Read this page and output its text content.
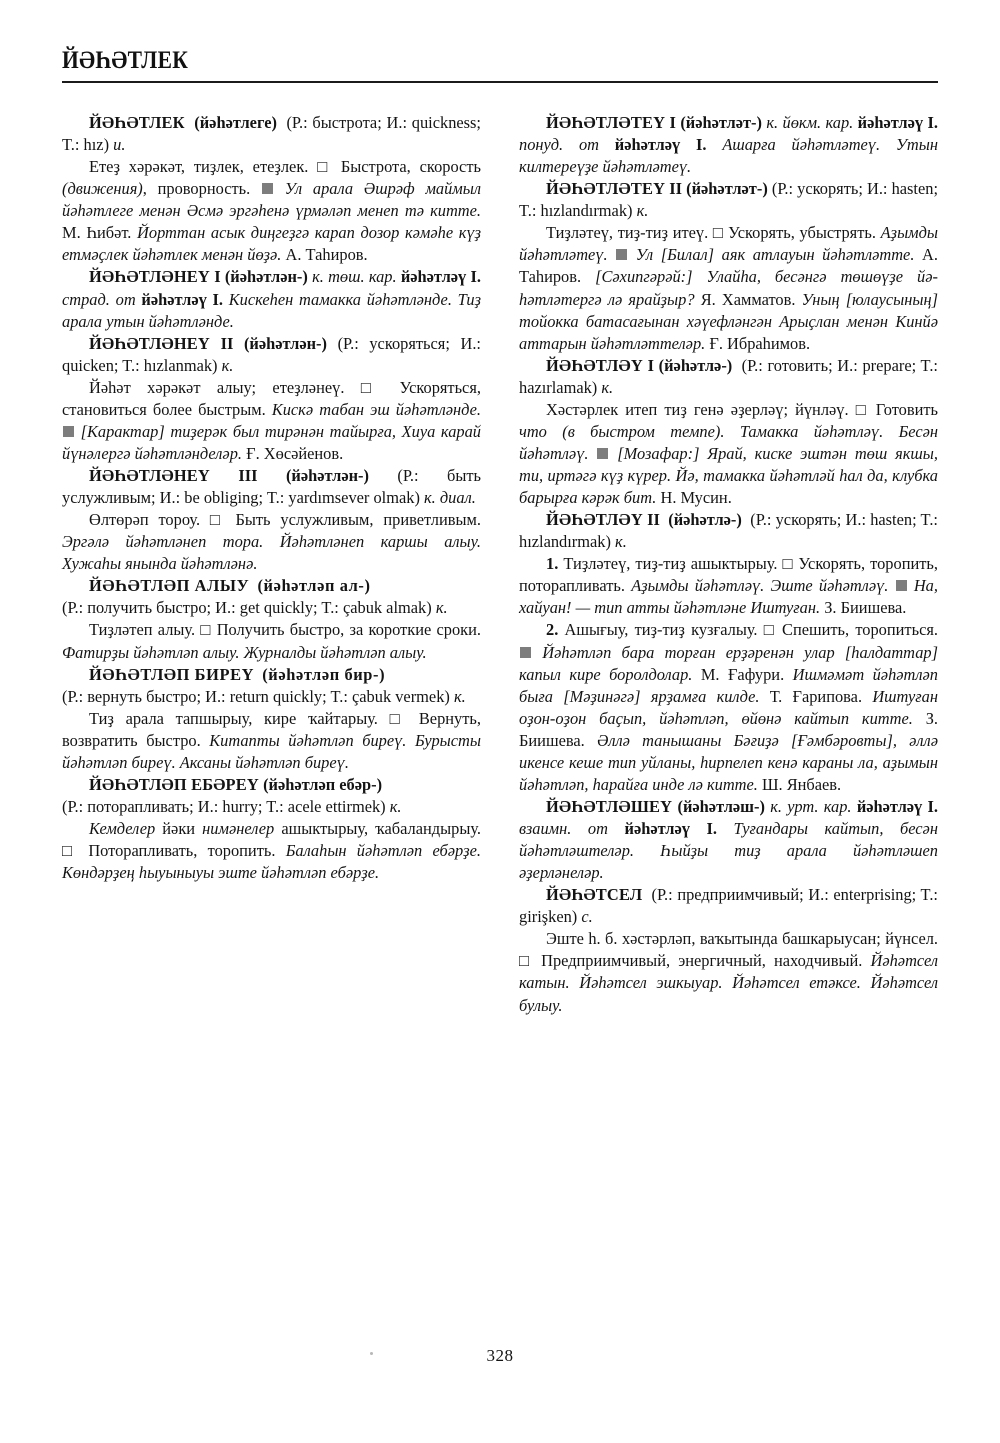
ЙӘҺӘТЛЕК

ЙӘҺӘТЛЕК (йәһәтлеге) (Р.: быстрота; И.: quickness; T.: hız) и.

Етеҙ хәрәкәт, тиҙлек, етеҙлек. □ Быстрота, скорость (движения), проворность. Ул арала Әшрәф маймыл йәһәтлеге менән Әсмә эргәһенә үрмәләп менеп тә китте. М. Һибәт. Йорттан асык диңгеҙгә карап дозор кәмәһе күҙ етмәҫлек йәһәтлек менән йөҙә. А. Таһиров.

ЙӘҺӘТЛӘНЕҮ I (йәһәтлән-) к. төш. кар. йәһәтләү I. страд. от йәһәтләү I. Кискеһен тамакка йәһәтләнде. Тиҙ арала утын йәһәтләнде.

ЙӘҺӘТЛӘНЕҮ II (йәһәтлән-) (Р.: ускоряться; И.: quicken; T.: hızlanmak) к.

Йәһәт хәрәкәт алыу; етеҙләнеү. □ Ускоряться, становиться более быстрым. Кискә табан эш йәһәтләнде.  [Карактар] тиҙерәк был тирәнән тайырға, Хиуа карай йүнәлергә йәһәтләнделәр. Ғ. Хөсәйенов.

ЙӘҺӘТЛӘНЕҮ III (йәһәтлән-) (Р.: быть услужливым; И.: be obliging; T.: yardımsever olmak) к. диал.

Өлтөрәп тороу. □ Быть услужливым, приветливым. Эргәлә йәһәтләнеп тора. Йәһәтләнеп каршы алыу. Хужаһы янында йәһәтләнә.

ЙӘҺӘТЛӘП АЛЫУ (йәһәтләп ал-)
(Р.: получить быстро; И.: get quickly; T.: çabuk almak) к.

Тиҙләтеп алыу. □ Получить быстро, за короткие сроки. Фатирҙы йәһәтләп алыу. Журналды йәһәтләп алыу.

ЙӘҺӘТЛӘП БИРЕҮ (йәһәтләп бир-)
(Р.: вернуть быстро; И.: return quickly; T.: çabuk vermek) к.

Тиҙ арала тапшырыу, кире ҡайтарыу. □ Вернуть, возвратить быстро. Китапты йәһәтләп биреү. Бурысты йәһәтләп биреү. Аксаны йәһәтләп биреү.

ЙӘҺӘТЛӘП ЕБӘРЕҮ (йәһәтләп ебәр-)
(Р.: поторапливать; И.: hurry; T.: acele ettirmek) к.

Кемделер йәки нимәнелер ашыктырыу, ҡабаландырыу. □ Поторапливать, торопить. Балаһын йәһәтләп ебәрҙе. Көндәрҙең һыуыныуы эште йәһәтләп ебәрҙе.

ЙӘҺӘТЛӘТЕҮ I (йәһәтләт-) к. йөкм. кар. йәһәтләү I. понуд. от йәһәтләү I. Ашарға йәһәтләтеү. Утын килтереүҙе йәһәтләтеү.

ЙӘҺӘТЛӘТЕҮ II (йәһәтләт-) (Р.: ускорять; И.: hasten; T.: hızlandırmak) к.

Тиҙләтеү, тиҙ-тиҙ итеү. □ Ускорять, убыстрять. Аҙымды йәһәтләтеү. Ул [Билал] аяк атлауын йәһәтләтте. А. Таһиров. [Сәхипгәрәй:] Улайһа, бесәнгә төшөүҙе йәһәтләтергә лә ярайҙыр? Я. Хамматов. Уның [юлаусының] тойокка батасағынан хәүефләнгән Арыҫлан менән Кинйә аттарын йәһәтләттеләр. Ғ. Ибраһимов.

ЙӘҺӘТЛӘҮ I (йәһәтлә-) (Р.: готовить; И.: prepare; T.: hazırlamak) к.

Хәстәрлек итеп тиҙ генә әҙерләү; йүнләү. □ Готовить что (в быстром темпе). Тамакка йәһәтләү. Бесән йәһәтләү. [Мозафар:] Ярай, киске эштән төш якшы, ти, иртәгә күҙ күрер. Йә, тамакка йәһәтләй һал да, клубка барырға кәрәк бит. Н. Мусин.

ЙӘҺӘТЛӘҮ II (йәһәтлә-) (Р.: ускорять; И.: hasten; T.: hızlandırmak) к.

1. Тиҙләтеү, тиҙ-тиҙ ашыктырыу. □ Ускорять, торопить, поторапливать. Аҙымды йәһәтләү. Эште йәһәтләү. На, хайуан! — тип атты йәһәтләне Иштуған. З. Биишева.

2. Ашығыу, тиҙ-тиҙ кузғалыу. □ Спешить, торопиться.  Йәһәтләп бара торған ерҙәренән улар [һалдаттар] капыл кире боролдолар. М. Ғафури. Ишмәмәт йәһәтләп быға [Мәҙинәгә] ярҙамға килде. Т. Ғарипова. Иштуған оҙон-оҙон баҫып, йәһәтләп, өйөнә кайтып китте. З. Биишева. Әллә танышаны Бәғиҙә [Ғәмбәровты], әллә икенсе кеше тип уйланы, һирпелеп кенә караны ла, аҙымын йәһәтләп, һарайға инде лә китте. Ш. Янбаев.

ЙӘҺӘТЛӘШЕҮ (йәһәтләш-) к. урт. кар. йәһәтләү I. взаимн. от йәһәтләү I. Туғандары кайтып, бесән йәһәтләштеләр. Һыйҙы тиҙ арала йәһәтләшеп әҙерләнеләр.

ЙӘҺӘТСЕЛ (Р.: предприимчивый; И.: enterprising; T.: girişken) с.

Эште һ. б. хәстәрләп, ваҡытында башкарыусан; йүнсел. □ Предприимчивый, энергичный, находчивый. Йәһәтсел катын. Йәһәтсел эшкыуар. Йәһәтсел етәксе. Йәһәтсел булыу.

328
